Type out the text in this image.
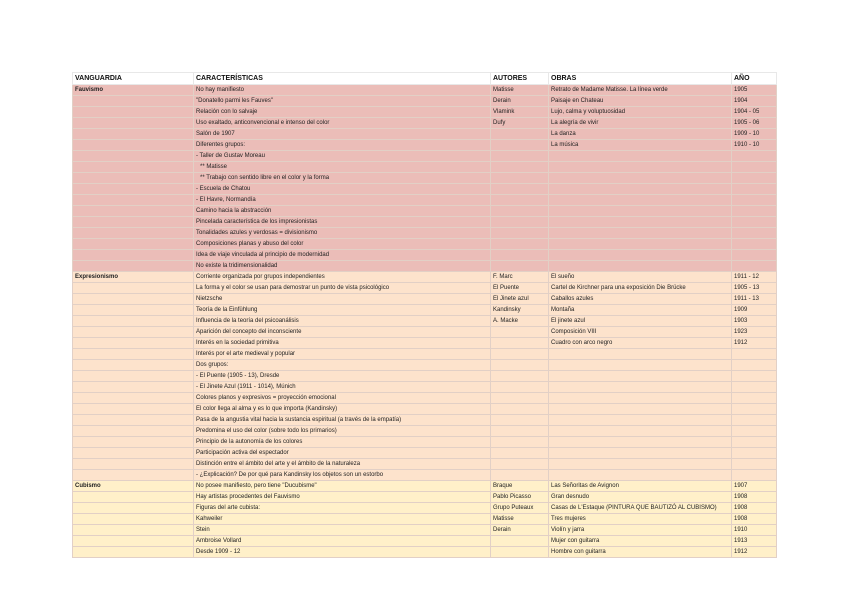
VANGUARDIA	CARACTERÍSTICAS	AUTORES	OBRAS	AÑO
Fauvismo	No hay manifiesto	Matisse	Retrato de Madame Matisse. La línea verde	1905
	"Donatello parmi les Fauves"	Derain	Paisaje en Chateau	1904
	Relación con lo salvaje	Vlamink	Lujo, calma y voluptuosidad	1904 - 05
	Uso exaltado, anticonvencional e intenso del color	Dufy	La alegría de vivir	1905 - 06
	Salón de 1907		La danza	1909 - 10
	Diferentes grupos:		La música	1910 - 10
	- Taller de Gustav Moreau			
	** Matisse			
	** Trabajo con sentido libre en el color y la forma			
	- Escuela de Chatou			
	- El Havre, Normandía			
	Camino hacia la abstracción			
	Pincelada característica de los impresionistas			
	Tonalidades azules y verdosas = divisionismo			
	Composiciones planas y abuso del color			
	Idea de viaje vinculada al principio de modernidad			
	No existe la tridimensionalidad			
Expresionismo	Corriente organizada por grupos independientes	F. Marc	El sueño	1911 - 12
	La forma y el color se usan para demostrar un punto de vista psicológico	El Puente	Cartel de Kirchner para una exposición Die Brücke	1905 - 13
	Nietzsche	El Jinete azul	Caballos azules	1911 - 13
	Teoría de la Einfühlung	Kandinsky	Montaña	1909
	Influencia de la teoría del psicoanálisis	A. Macke	El jinete azul	1903
	Aparición del concepto del inconsciente		Composición VIII	1923
	Interés en la sociedad primitiva		Cuadro con arco negro	1912
	Interés por el arte medieval y popular			
	Dos grupos:			
	- El Puente (1905 - 13), Dresde			
	- El Jinete Azul (1911 - 1014), Múnich			
	Colores planos y expresivos = proyección emocional			
	El color llega al alma y es lo que importa (Kandinsky)			
	Pasa de la angustia vital hacia la sustancia espiritual (a través de la empatía)			
	Predomina el uso del color (sobre todo los primarios)			
	Principio de la autonomía de los colores			
	Participación activa del espectador			
	Distinción entre el ámbito del arte y el ámbito de la naturaleza			
	- ¿Explicación? De por qué para Kandinsky los objetos son un estorbo			
Cubismo	No posee manifiesto, pero tiene "Ducubisme"	Braque	Las Señoritas de Avignon	1907
	Hay artistas procedentes del Fauvismo	Pablo Picasso	Gran desnudo	1908
	Figuras del arte cubista:	Grupo Puteaux	Casas de L'Estaque (PINTURA QUE BAUTIZÓ AL CUBISMO)	1908
	Kahweiler	Matisse	Tres mujeres	1908
	Stein	Derain	Violín y jarra	1910
	Ambroise Vollard		Mujer con guitarra	1913
	Desde 1909 - 12		Hombre con guitarra	1912
